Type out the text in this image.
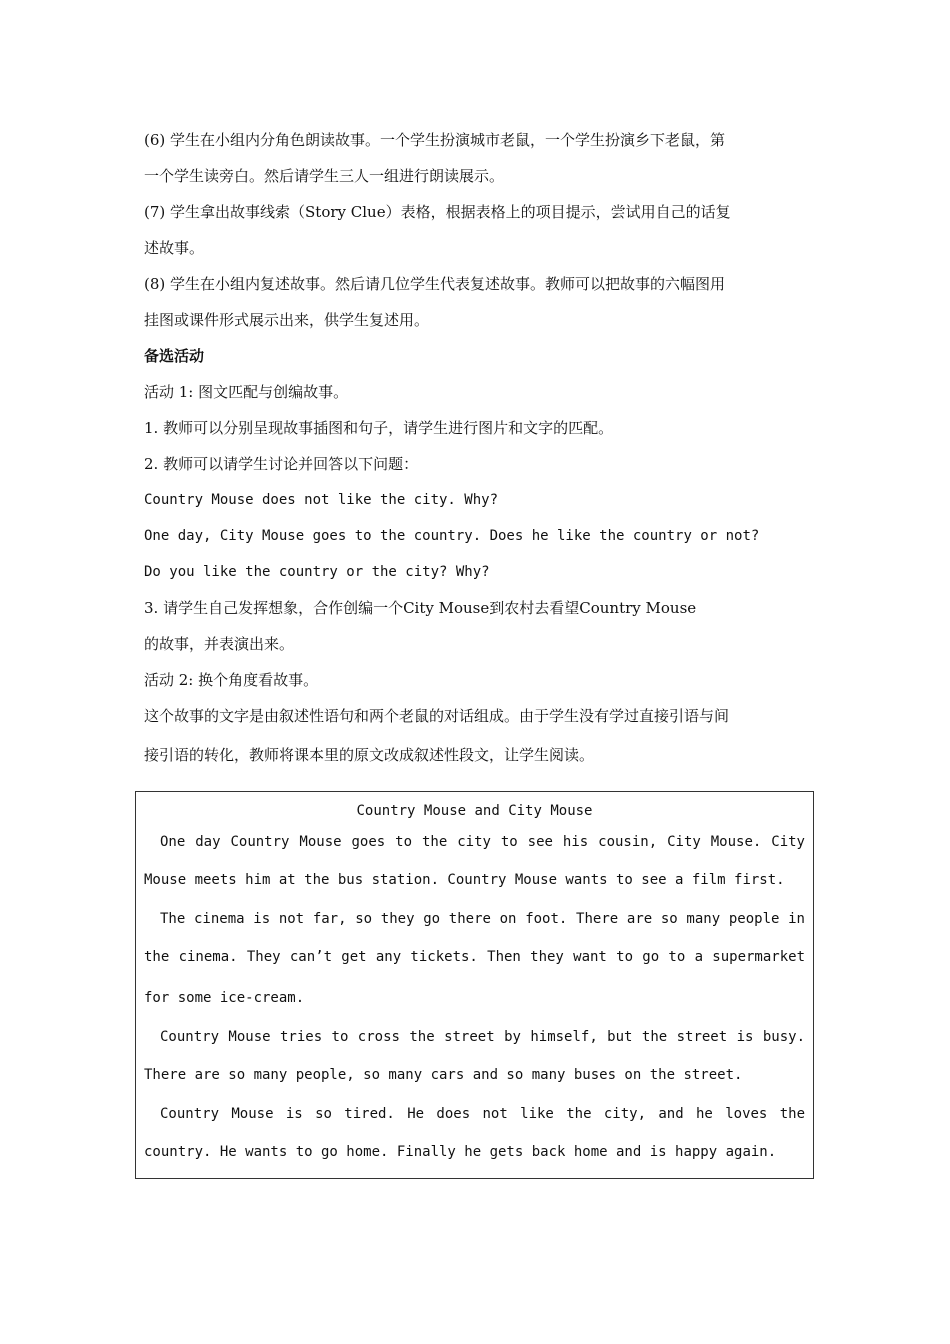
(6) 学生在小组内分角色朗读故事。一个学生扮演城市老鼠，一个学生扮演乡下老鼠，第

一个学生读旁白。然后请学生三人一组进行朗读展示。

(7) 学生拿出故事线索（Story Clue）表格，根据表格上的项目提示，尝试用自己的话复

述故事。

(8) 学生在小组内复述故事。然后请几位学生代表复述故事。教师可以把故事的六幅图用

挂图或课件形式展示出来，供学生复述用。

备选活动

活动 1: 图文匹配与创编故事。

1. 教师可以分别呈现故事插图和句子，请学生进行图片和文字的匹配。

2. 教师可以请学生讨论并回答以下问题：

Country Mouse does not like the city. Why?

One day, City Mouse goes to the country. Does he like the country or not?

Do you like the country or the city? Why?

3. 请学生自己发挥想象，合作创编一个City Mouse到农村去看望Country Mouse

的故事，并表演出来。

活动 2: 换个角度看故事。

这个故事的文字是由叙述性语句和两个老鼠的对话组成。由于学生没有学过直接引语与间

接引语的转化，教师将课本里的原文改成叙述性段文，让学生阅读。

Country Mouse and City Mouse
One day Country Mouse goes to the city to see his cousin, City Mouse. City
Mouse meets him at the bus station. Country Mouse wants to see a film first.
The cinema is not far, so they go there on foot. There are so many people in
the cinema. They can’t get any tickets. Then they want to go to a supermarket
for some ice-cream.
Country Mouse tries to cross the street by himself, but the street is busy.
There are so many people, so many cars and so many buses on the street.
Country Mouse is so tired. He does not like the city, and he loves the
country. He wants to go home. Finally he gets back home and is happy again.
